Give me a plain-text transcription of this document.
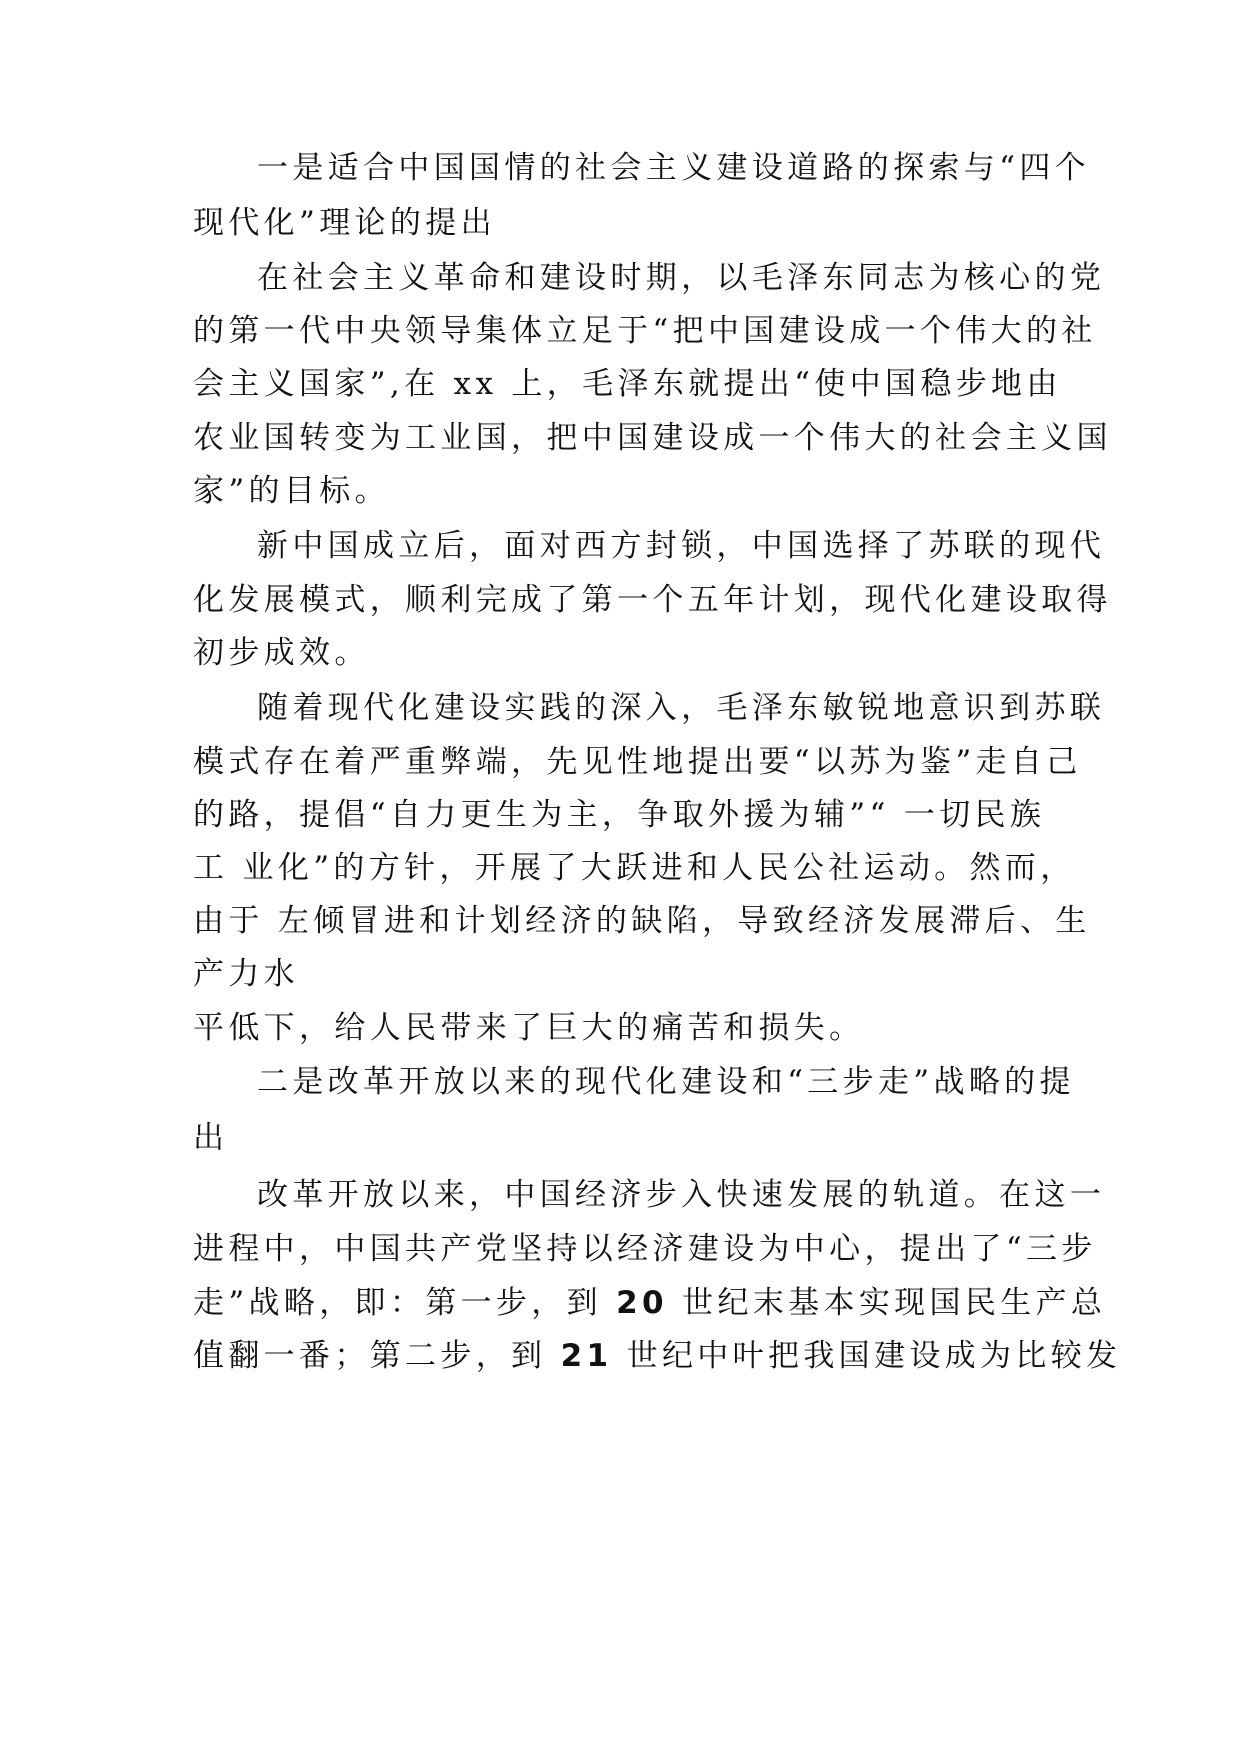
一是适合中国国情的社会主义建设道路的探索与“四个
现代化”理论的提出
在社会主义革命和建设时期，以毛泽东同志为核心的党
的第一代中央领导集体立足于“把中国建设成一个伟大的社
会主义国家”,在 xx 上，毛泽东就提出“使中国稳步地由
农业国转变为工业国，把中国建设成一个伟大的社会主义国
家”的目标。
新中国成立后，面对西方封锁，中国选择了苏联的现代
化发展模式，顺利完成了第一个五年计划，现代化建设取得
初步成效。
随着现代化建设实践的深入，毛泽东敏锐地意识到苏联
模式存在着严重弊端，先见性地提出要“以苏为鉴”走自己
的路，提倡“自力更生为主，争取外援为辅”“ 一切民族
工 业化”的方针，开展了大跃进和人民公社运动。然而，
由于 左倾冒进和计划经济的缺陷，导致经济发展滞后、生
产力水
平低下，给人民带来了巨大的痛苦和损失。
二是改革开放以来的现代化建设和“三步走”战略的提
出
改革开放以来，中国经济步入快速发展的轨道。在这一
进程中，中国共产党坚持以经济建设为中心，提出了“三步
走”战略，即：第一步，到 20 世纪末基本实现国民生产总
值翻一番；第二步，到 21 世纪中叶把我国建设成为比较发
